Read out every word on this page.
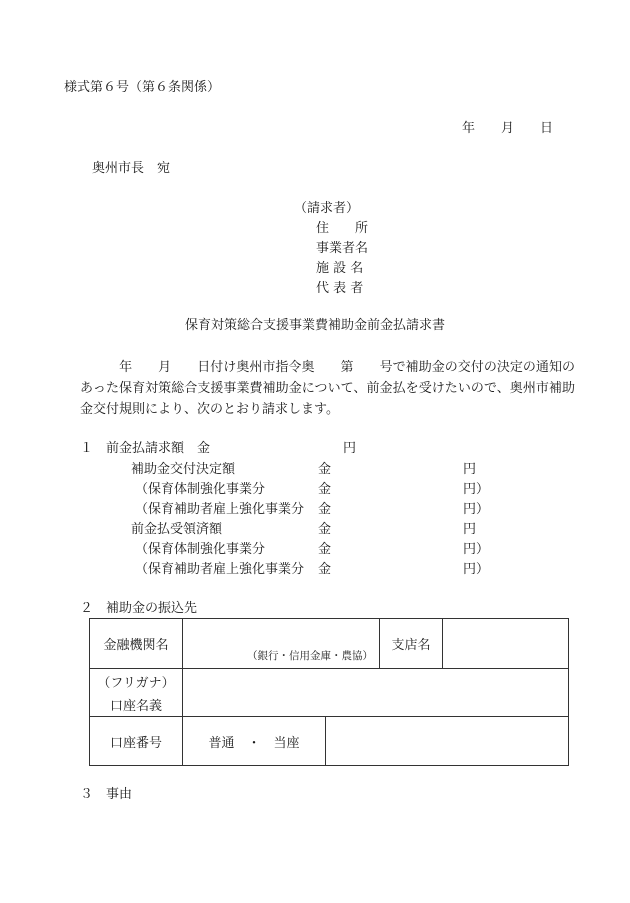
様式第６号（第６条関係）
年 月 日
奥州市長　宛
（請求者）
住　　所
事業者名
施 設 名
代 表 者
保育対策総合支援事業費補助金前金払請求書
　　　年　　月　　日付け奥州市指令奥　　第　　号で補助金の交付の決定の通知のあった保育対策総合支援事業費補助金について、前金払を受けたいので、奥州市補助金交付規則により、次のとおり請求します。
１　前金払請求額　金	円
補助金交付決定額	金	円
（保育体制強化事業分	金	円）
（保育補助者雇上強化事業分 金	円）
前金払受領済額	金	円
（保育体制強化事業分	金	円）
（保育補助者雇上強化事業分 金	円）
２　補助金の振込先
金融機関名	（銀行・信用金庫・農協）	支店名	

（フリガナ）
口座名義			

口座番号	普通　・　当座		
３　事由
